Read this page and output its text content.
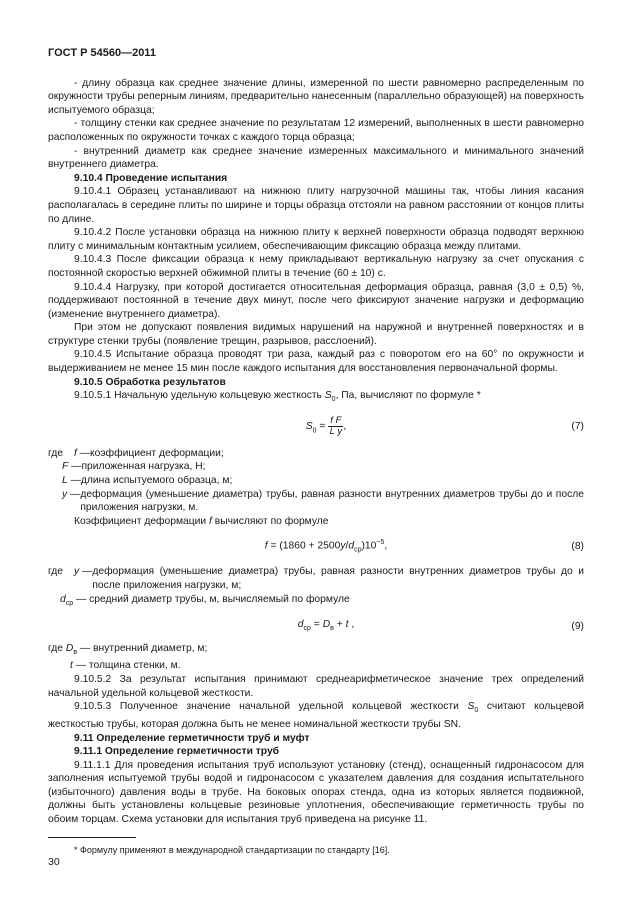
ГОСТ Р 54560—2011

- длину образца как среднее значение длины, измеренной по шести равномерно распределенным по окружности трубы реперным линиям, предварительно нанесенным (параллельно образующей) на поверхность испытуемого образца;

- толщину стенки как среднее значение по результатам 12 измерений, выполненных в шести равномерно расположенных по окружности точках с каждого торца образца;

- внутренний диаметр как среднее значение измеренных максимального и минимального значений внутреннего диаметра.

9.10.4 Проведение испытания

9.10.4.1 Образец устанавливают на нижнюю плиту нагрузочной машины так, чтобы линия касания располагалась в середине плиты по ширине и торцы образца отстояли на равном расстоянии от концов плиты по длине.

9.10.4.2 После установки образца на нижнюю плиту к верхней поверхности образца подводят верхнюю плиту с минимальным контактным усилием, обеспечивающим фиксацию образца между плитами.

9.10.4.3 После фиксации образца к нему прикладывают вертикальную нагрузку за счет опускания с постоянной скоростью верхней обжимной плиты в течение (60 ± 10) с.

9.10.4.4 Нагрузку, при которой достигается относительная деформация образца, равная (3,0 ± 0,5) %, поддерживают постоянной в течение двух минут, после чего фиксируют значение нагрузки и деформацию (изменение внутреннего диаметра).

При этом не допускают появления видимых нарушений на наружной и внутренней поверхностях и в структуре стенки трубы (появление трещин, разрывов, расслоений).

9.10.4.5 Испытание образца проводят три раза, каждый раз с поворотом его на 60° по окружности и выдерживанием не менее 15 мин после каждого испытания для восстановления первоначальной формы.

9.10.5 Обработка результатов

9.10.5.1 Начальную удельную кольцевую жесткость $S_0$, Па, вычисляют по формуле *

$S_0 = \frac{\text{f F}}{\text{L y}}$ ,	(7)
где	f — коэффициент деформации;
F — приложенная нагрузка, Н;
L — длина испытуемого образца, м;
y — деформация (уменьшение диаметра) трубы, равная разности внутренних диаметров трубы до и после приложения нагрузки, м.

Коэффициент деформации f вычисляют по формуле

$f = (1860 + 2500y/d_{ср})10^{-5}$,	(8)
где	y — деформация (уменьшение диаметра) трубы, равная разности внутренних диаметров трубы до и после приложения нагрузки, м;

$d_{ср}$ — средний диаметр трубы, м, вычисляемый по формуле

$d_{ср} = D_в + t$ ,	(9)

где $D_в$ — внутренний диаметр, м;

t — толщина стенки, м.

9.10.5.2 За результат испытания принимают среднеарифметическое значение трех определений начальной удельной кольцевой жесткости.

9.10.5.3 Полученное значение начальной удельной кольцевой жесткости $S_0$ считают кольцевой жесткостью трубы, которая должна быть не менее номинальной жесткости трубы SN.

9.11 Определение герметичности труб и муфт

9.11.1 Определение герметичности труб

9.11.1.1 Для проведения испытания труб используют установку (стенд), оснащенный гидронасосом для заполнения испытуемой трубы водой и гидронасосом с указателем давления для создания испытательного (избыточного) давления воды в трубе. На боковых опорах стенда, одна из которых является подвижной, должны быть установлены кольцевые резиновые уплотнения, обеспечивающие герметичность трубы по обоим торцам. Схема установки для испытания труб приведена на рисунке 11.

* Формулу применяют в международной стандартизации по стандарту [16].
30
